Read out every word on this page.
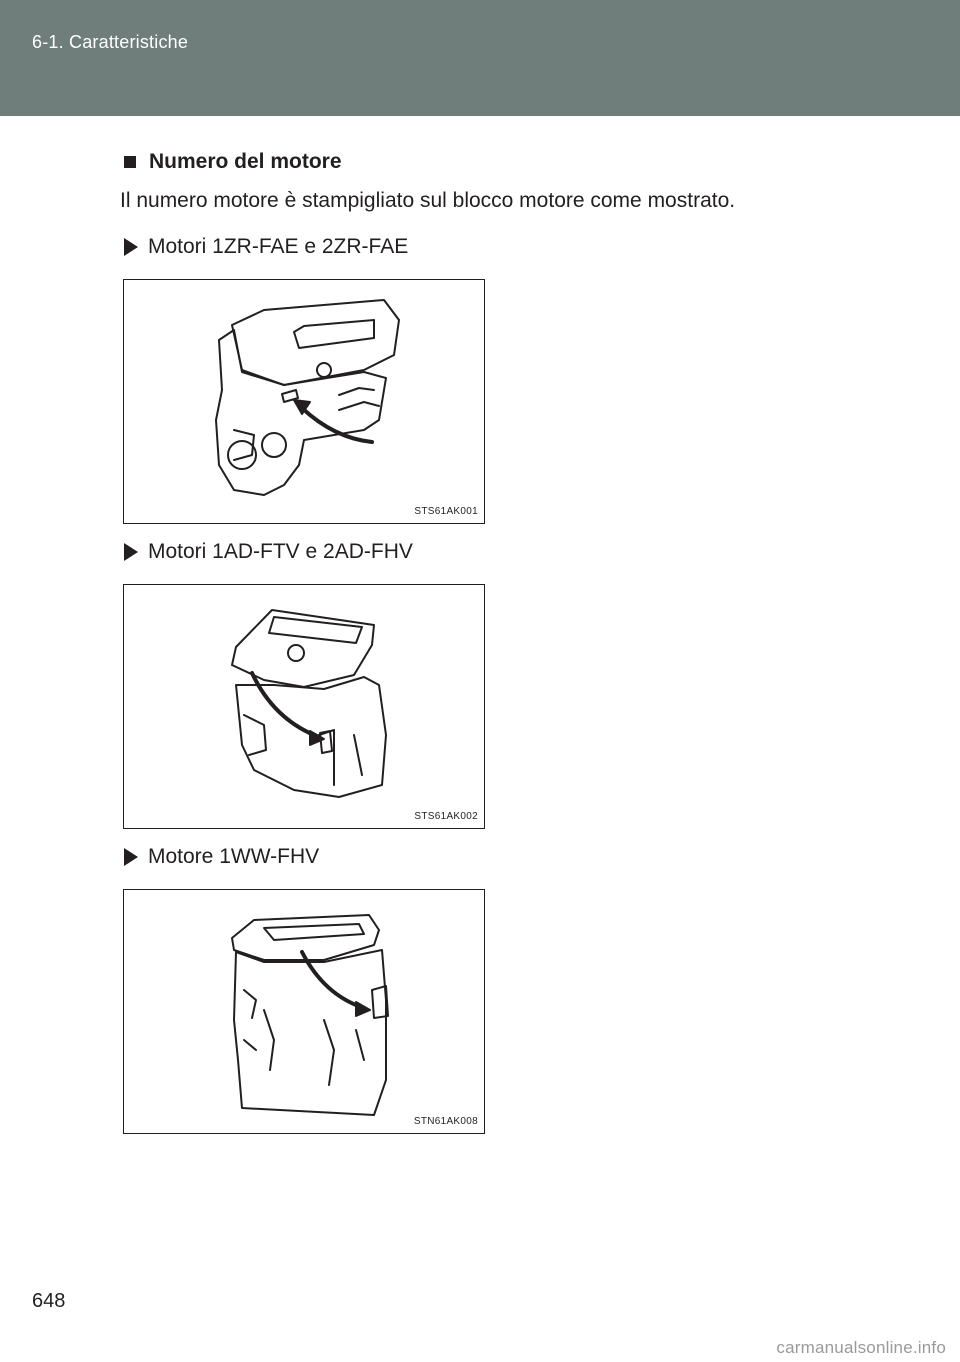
6-1. Caratteristiche
Numero del motore
Il numero motore è stampigliato sul blocco motore come mostrato.
Motori 1ZR-FAE e 2ZR-FAE
STS61AK001
Motori 1AD-FTV e 2AD-FHV
STS61AK002
Motore 1WW-FHV
STN61AK008
648
carmanualsonline.info
